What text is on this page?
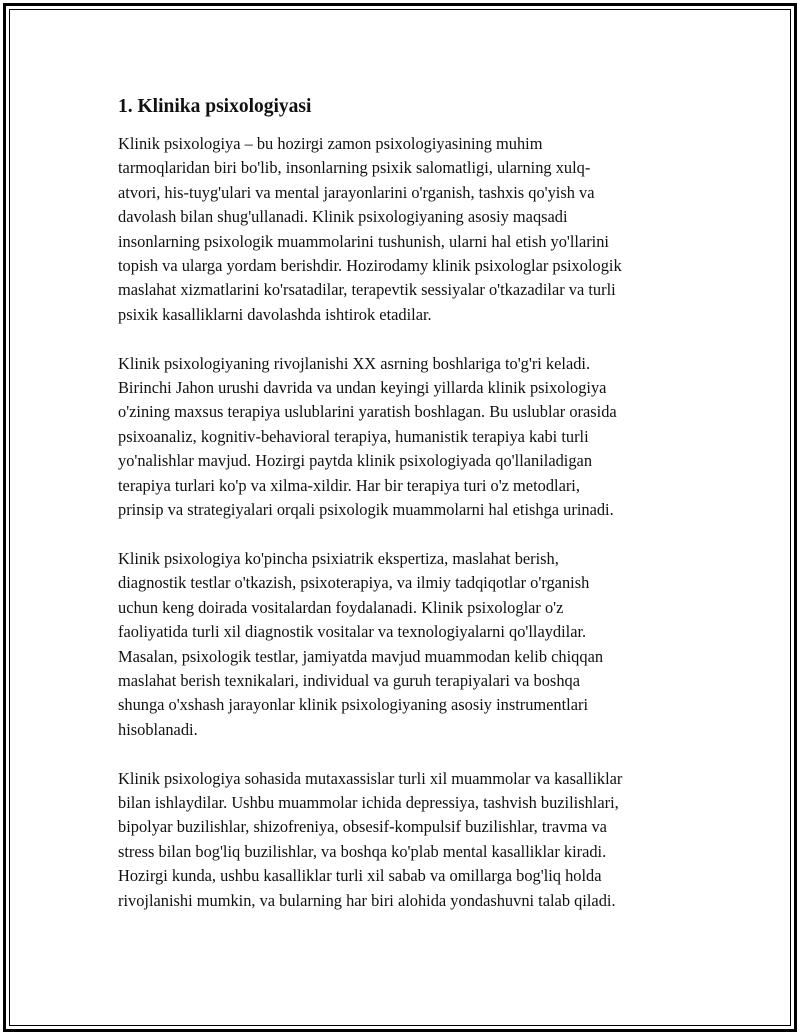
1. Klinika psixologiyasi

Klinik psixologiya – bu hozirgi zamon psixologiyasining muhim
tarmoqlaridan biri bo'lib, insonlarning psixik salomatligi, ularning xulq-
atvori, his-tuyg'ulari va mental jarayonlarini o'rganish, tashxis qo'yish va
davolash bilan shug'ullanadi. Klinik psixologiyaning asosiy maqsadi
insonlarning psixologik muammolarini tushunish, ularni hal etish yo'llarini
topish va ularga yordam berishdir. Hozirodamy klinik psixologlar psixologik
maslahat xizmatlarini ko'rsatadilar, terapevtik sessiyalar o'tkazadilar va turli
psixik kasalliklarni davolashda ishtirok etadilar.

Klinik psixologiyaning rivojlanishi XX asrning boshlariga to'g'ri keladi.
Birinchi Jahon urushi davrida va undan keyingi yillarda klinik psixologiya
o'zining maxsus terapiya uslublarini yaratish boshlagan. Bu uslublar orasida
psixoanaliz, kognitiv-behavioral terapiya, humanistik terapiya kabi turli
yo'nalishlar mavjud. Hozirgi paytda klinik psixologiyada qo'llaniladigan
terapiya turlari ko'p va xilma-xildir. Har bir terapiya turi o'z metodlari,
prinsip va strategiyalari orqali psixologik muammolarni hal etishga urinadi.

Klinik psixologiya ko'pincha psixiatrik ekspertiza, maslahat berish,
diagnostik testlar o'tkazish, psixoterapiya, va ilmiy tadqiqotlar o'rganish
uchun keng doirada vositalardan foydalanadi. Klinik psixologlar o'z
faoliyatida turli xil diagnostik vositalar va texnologiyalarni qo'llaydilar.
Masalan, psixologik testlar, jamiyatda mavjud muammodan kelib chiqqan
maslahat berish texnikalari, individual va guruh terapiyalari va boshqa
shunga o'xshash jarayonlar klinik psixologiyaning asosiy instrumentlari
hisoblanadi.

Klinik psixologiya sohasida mutaxassislar turli xil muammolar va kasalliklar
bilan ishlaydilar. Ushbu muammolar ichida depressiya, tashvish buzilishlari,
bipolyar buzilishlar, shizofreniya, obsesif-kompulsif buzilishlar, travma va
stress bilan bog'liq buzilishlar, va boshqa ko'plab mental kasalliklar kiradi.
Hozirgi kunda, ushbu kasalliklar turli xil sabab va omillarga bog'liq holda
rivojlanishi mumkin, va bularning har biri alohida yondashuvni talab qiladi.
